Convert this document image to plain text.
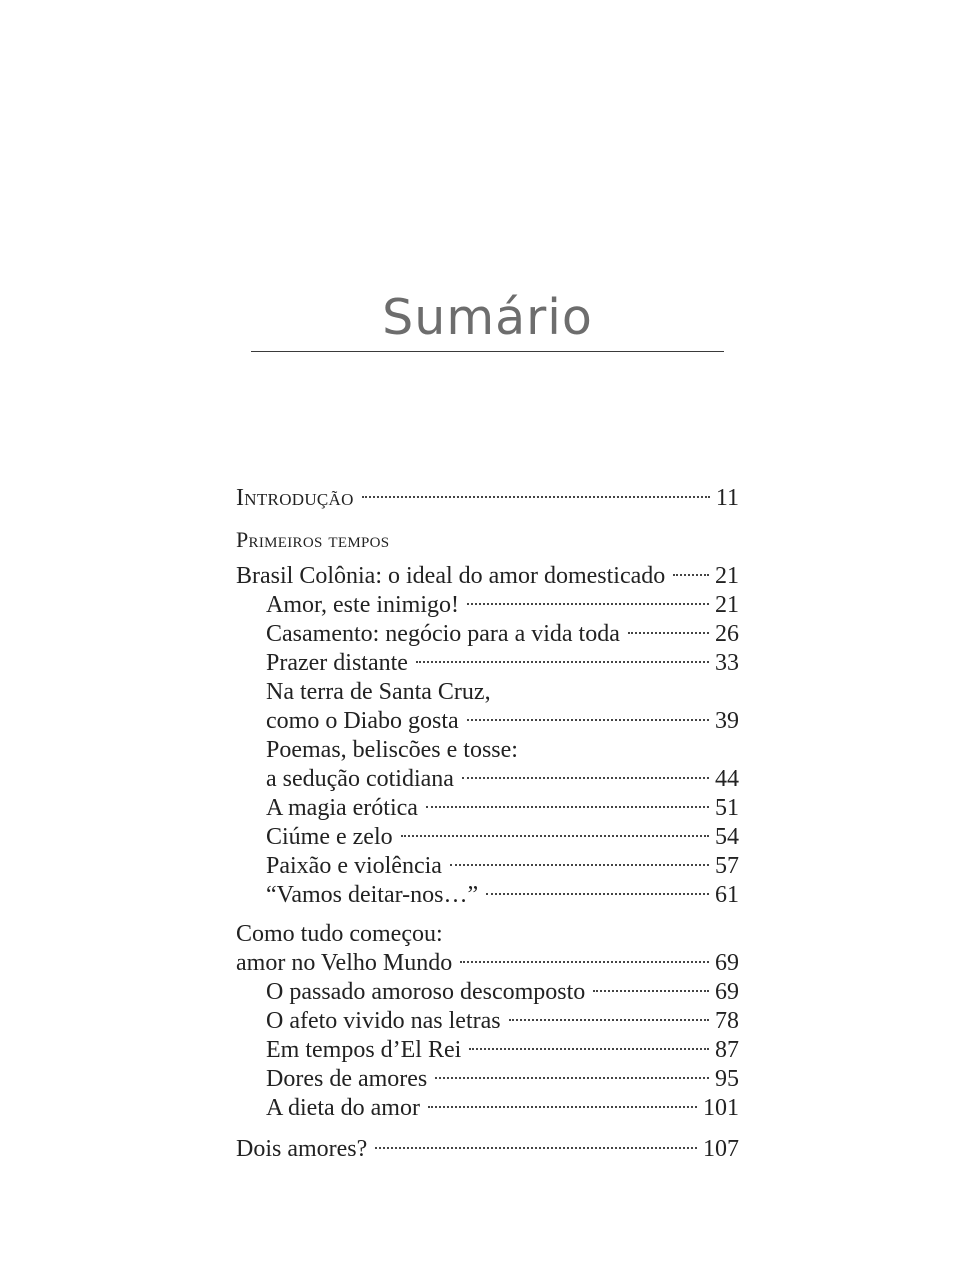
Sumário
Introdução	11
Primeiros tempos
Brasil Colônia: o ideal do amor domesticado 21
Amor, este inimigo!	21
Casamento: negócio para a vida toda	26
Prazer distante	33
Na terra de Santa Cruz,
como o Diabo gosta	39
Poemas, beliscões e tosse:
a sedução cotidiana	44
A magia erótica	51
Ciúme e zelo	54
Paixão e violência	57
“Vamos deitar-nos…”	61
Como tudo começou:
amor no Velho Mundo	69
O passado amoroso descomposto	69
O afeto vivido nas letras	78
Em tempos d’El Rei	87
Dores de amores	95
A dieta do amor	101
Dois amores?	107
